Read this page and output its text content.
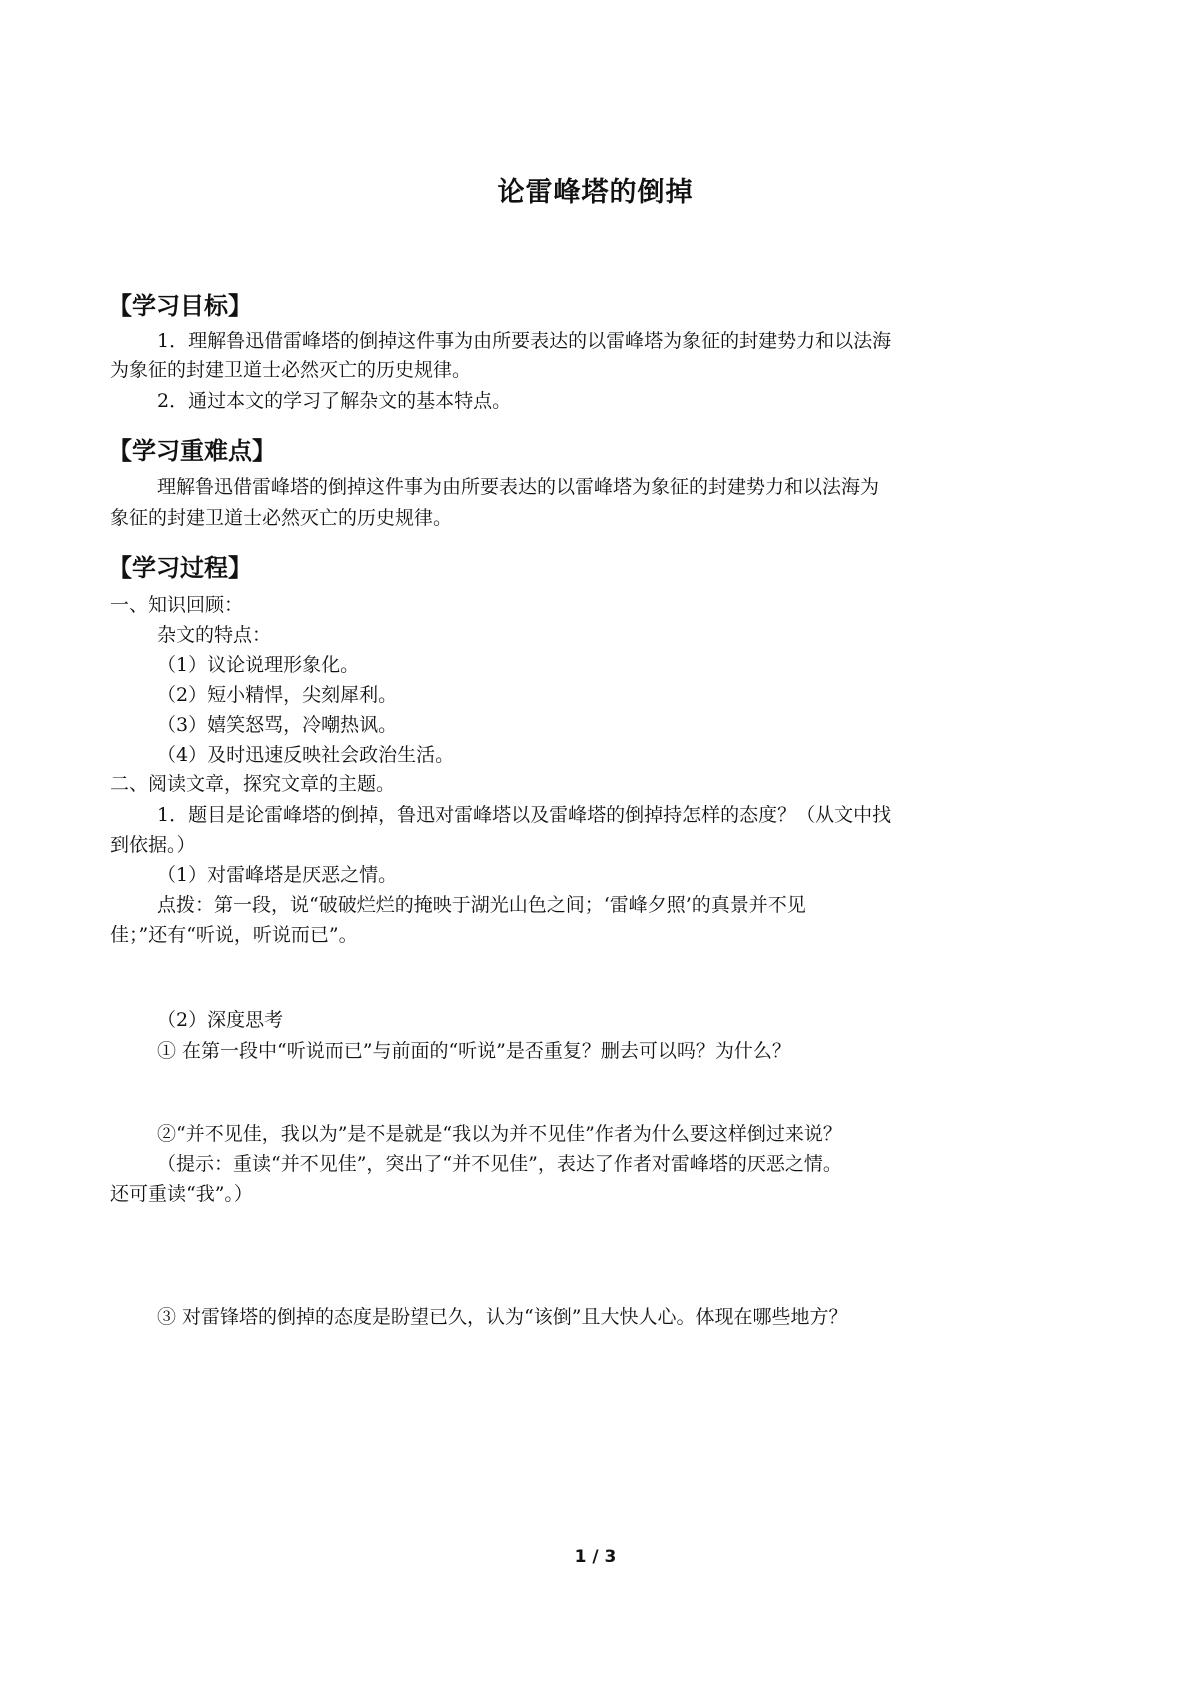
论雷峰塔的倒掉
【学习目标】
1．理解鲁迅借雷峰塔的倒掉这件事为由所要表达的以雷峰塔为象征的封建势力和以法海
为象征的封建卫道士必然灭亡的历史规律。
2．通过本文的学习了解杂文的基本特点。
【学习重难点】
理解鲁迅借雷峰塔的倒掉这件事为由所要表达的以雷峰塔为象征的封建势力和以法海为
象征的封建卫道士必然灭亡的历史规律。
【学习过程】
一、知识回顾：
杂文的特点：
（1）议论说理形象化。
（2）短小精悍，尖刻犀利。
（3）嬉笑怒骂，冷嘲热讽。
（4）及时迅速反映社会政治生活。
二、阅读文章，探究文章的主题。
1．题目是论雷峰塔的倒掉，鲁迅对雷峰塔以及雷峰塔的倒掉持怎样的态度？（从文中找
到依据。）
（1）对雷峰塔是厌恶之情。
点拨：第一段，说“破破烂烂的掩映于湖光山色之间；‘雷峰夕照’的真景并不见
佳；”还有“听说，听说而已”。
（2）深度思考
① 在第一段中“听说而已”与前面的“听说”是否重复？删去可以吗？为什么？
②“并不见佳，我以为”是不是就是“我以为并不见佳”作者为什么要这样倒过来说？
（提示：重读“并不见佳”，突出了“并不见佳”，表达了作者对雷峰塔的厌恶之情。
还可重读“我”。）
③ 对雷锋塔的倒掉的态度是盼望已久，认为“该倒”且大快人心。体现在哪些地方？
1 / 3
